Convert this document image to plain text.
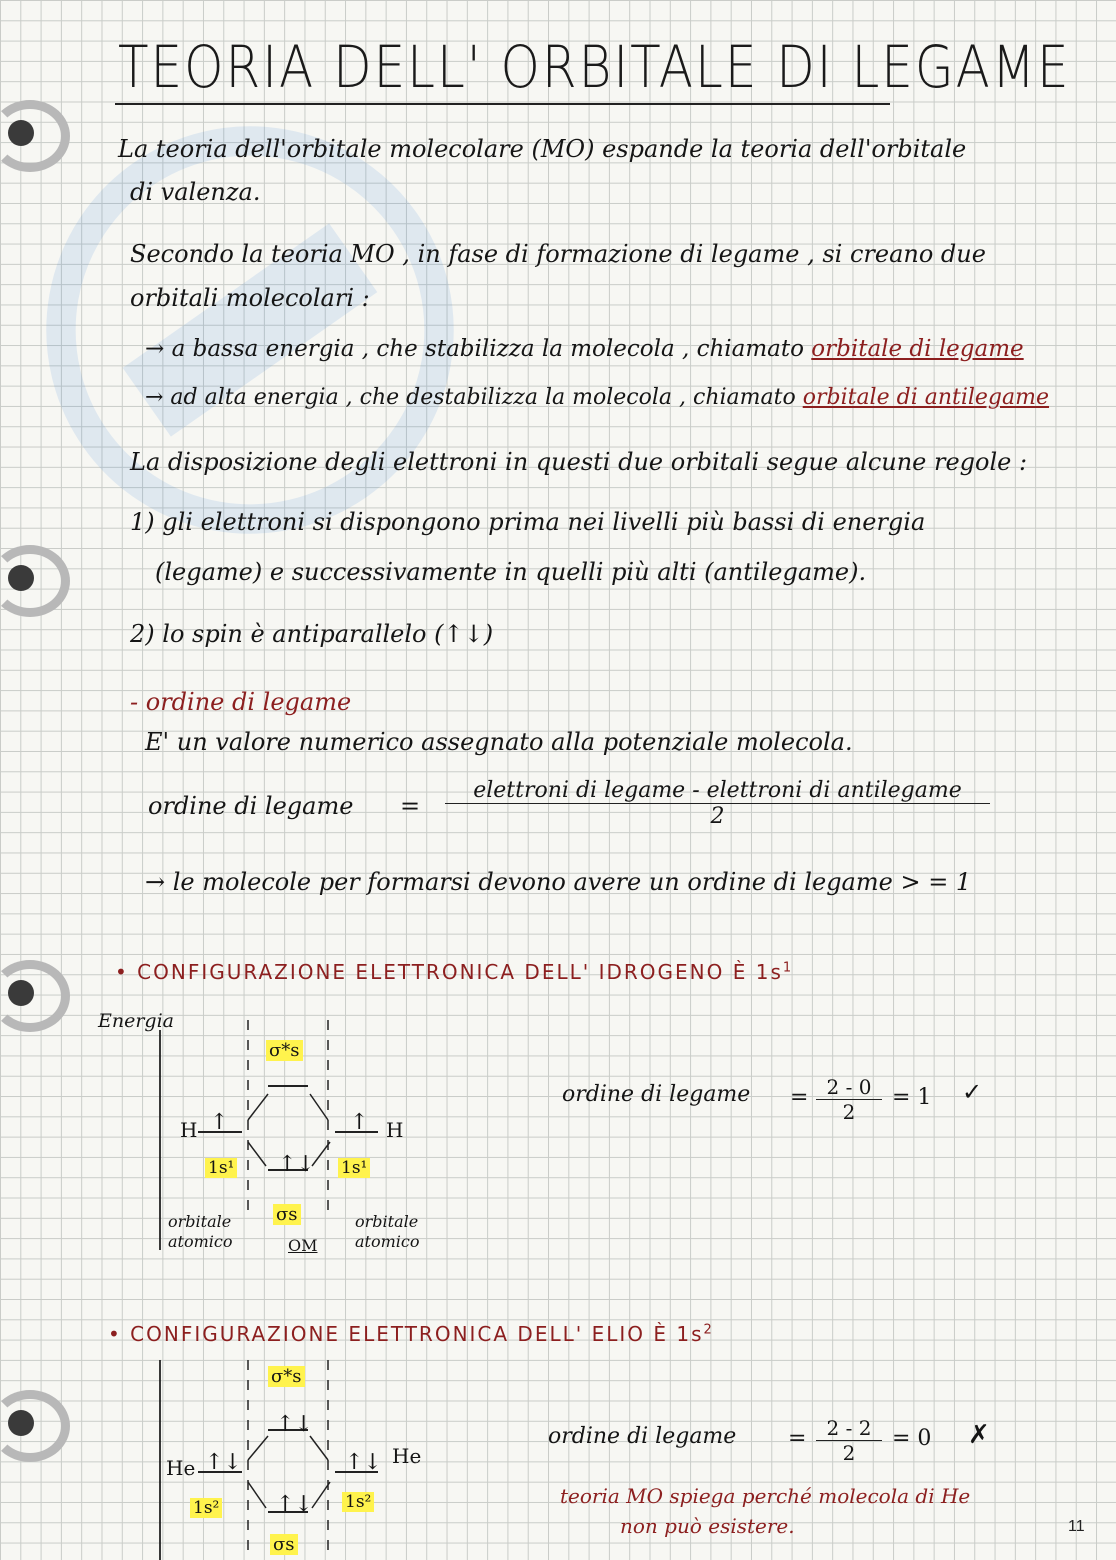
TEORIA DELL' ORBITALE DI LEGAME
La teoria dell'orbitale molecolare (MO) espande la teoria dell'orbitale
di valenza.
Secondo la teoria MO , in fase di formazione di legame , si creano due
orbitali molecolari :
→ a bassa energia , che stabilizza la molecola , chiamato orbitale di legame
→ ad alta energia , che destabilizza la molecola , chiamato orbitale di antilegame
La disposizione degli elettroni in questi due orbitali segue alcune regole :
1) gli elettroni si dispongono prima nei livelli più bassi di energia
(legame) e successivamente in quelli più alti (antilegame).
2) lo spin è antiparallelo (↑↓)
- ordine di legame
E' un valore numerico assegnato alla potenziale molecola.
ordine di legame =
elettroni di legame - elettroni di antilegame
2
→ le molecole per formarsi devono avere un ordine di legame > = 1
• CONFIGURAZIONE ELETTRONICA DELL' IDROGENO È $1s^1$
Energia
σ*s
H ↑	↑ H
1s¹ ↑↓ 1s¹
σs
orbitale atomico	OM
orbitale atomico
ordine di legame = $\frac{2 - 0}{2} = 1$ ✓
• CONFIGURAZIONE ELETTRONICA DELL' ELIO È $1s^2$
σ*s
↑↓
He ↑↓	↑↓ He
1s²	↑↓ 1s²
σs
ordine di legame = $\frac{2 - 2}{2} = 0$ ✗
teoria MO spiega perché molecola di He
non può esistere.	11
